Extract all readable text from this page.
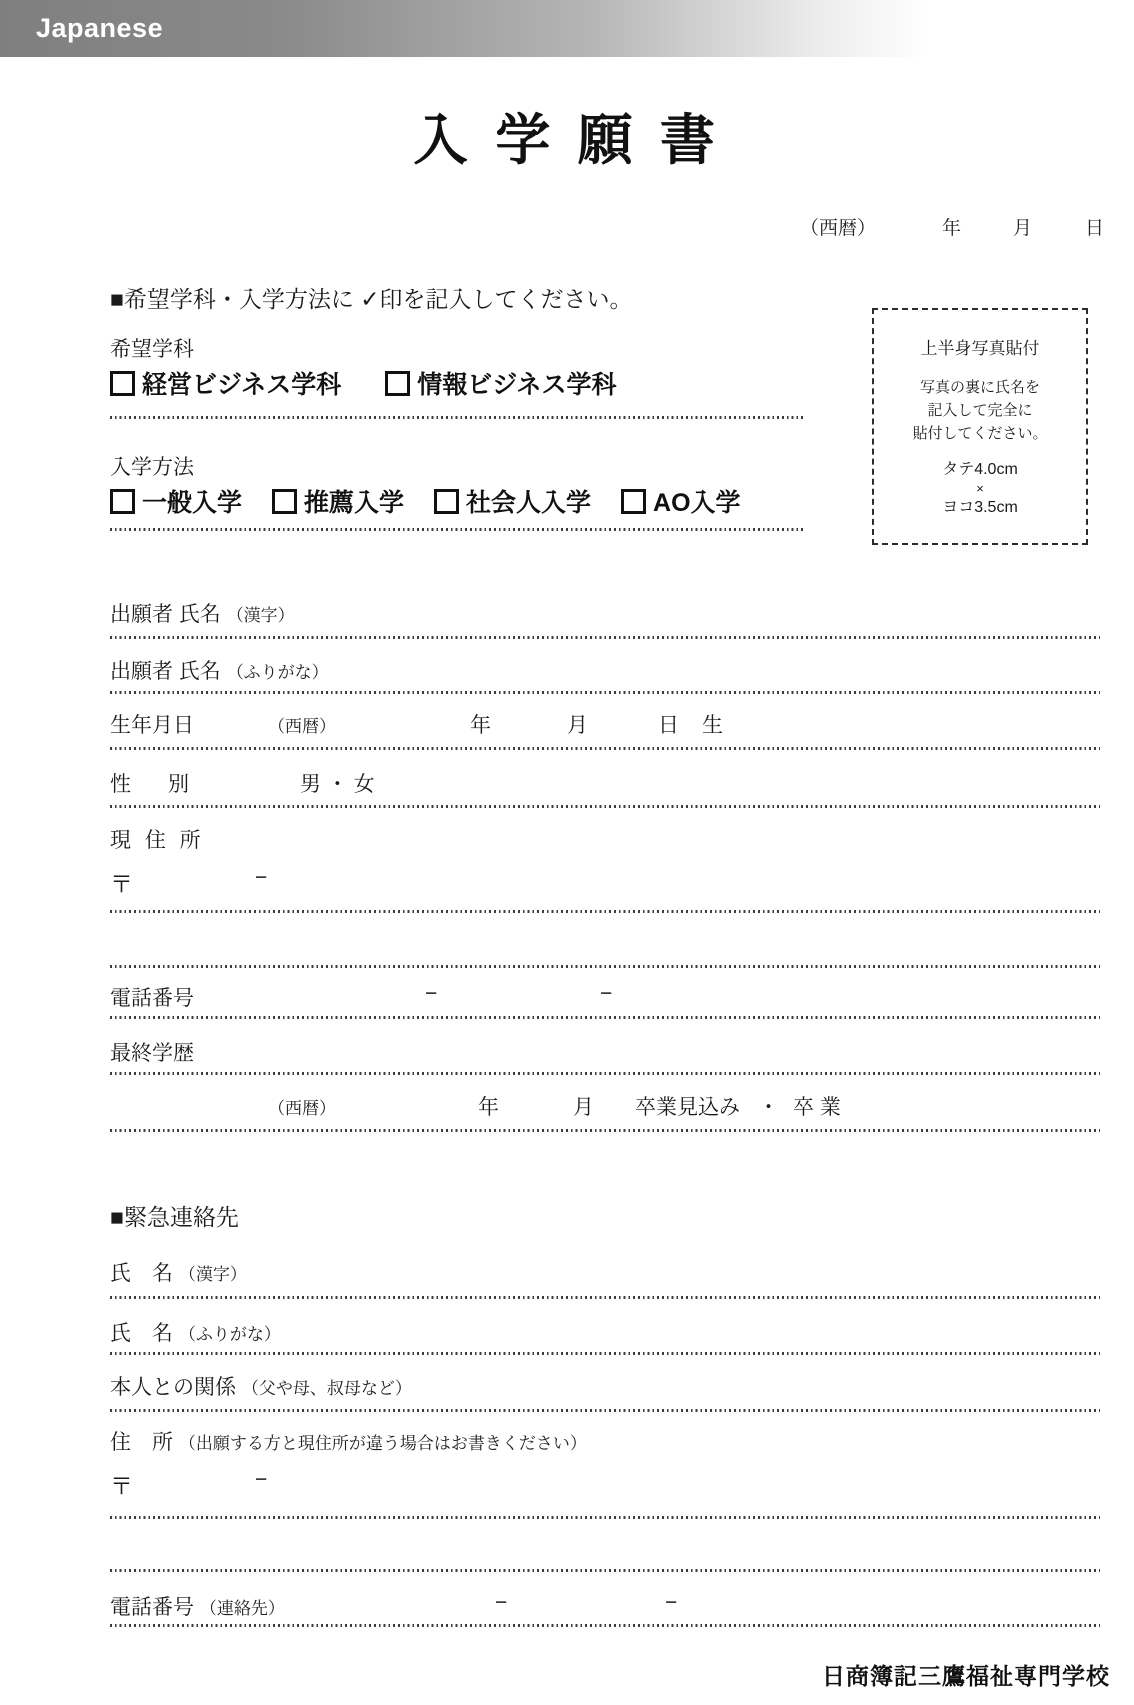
Japanese
入 学 願 書
（西暦）	年	月	日
■希望学科・入学方法に ✓印を記入してください。
希望学科
経営ビジネス学科	情報ビジネス学科
入学方法
一般入学 推薦入学 社会人入学 AO入学
上半身写真貼付
写真の裏に氏名を
記入して完全に
貼付してください。
タテ4.0cm
×
ヨコ3.5cm
出願者 氏名 （漢字）
出願者 氏名 （ふりがな）
生年月日	（西暦）	年	月	日 生
性　別	男 ・ 女
現 住 所
〒	−
電話番号	−	−
最終学歴
（西暦）	年	月 卒業見込み ・ 卒 業
■緊急連絡先
氏　名 （漢字）
氏　名 （ふりがな）
本人との関係 （父や母、叔母など）
住　所 （出願する方と現住所が違う場合はお書きください）
〒	−
電話番号 （連絡先）	−	−
日商簿記三鷹福祉専門学校
